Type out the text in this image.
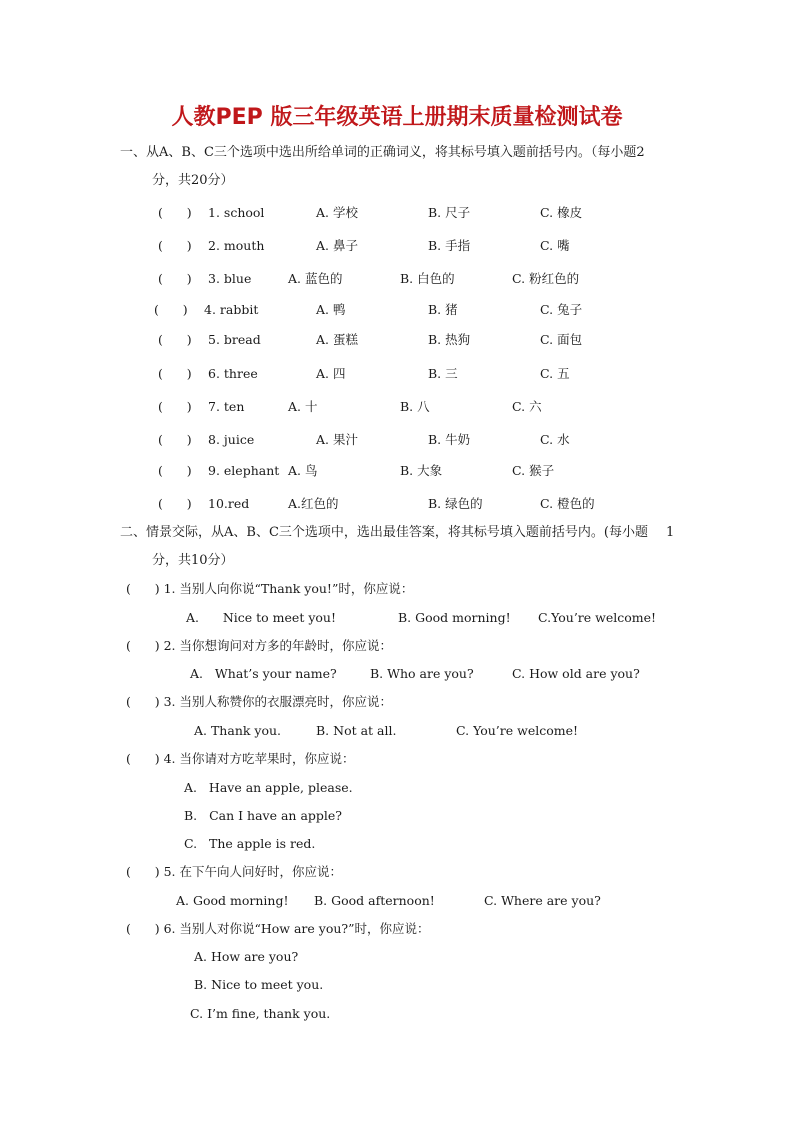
人教PEP 版三年级英语上册期末质量检测试卷
一、从A、B、C三个选项中选出所给单词的正确词义，将其标号填入题前括号内。（每小题2
分，共20分）
(      ) 1. school	A. 学校	B. 尺子	C. 橡皮
(      ) 2. mouth	A. 鼻子	B. 手指	C. 嘴
(      ) 3. blue	A. 蓝色的	B. 白色的	C. 粉红色的
(      ) 4. rabbit	A. 鸭	B. 猪	C. 兔子
(      ) 5. bread	A. 蛋糕	B. 热狗	C. 面包
(      ) 6. three	A. 四	B. 三	C. 五
(      ) 7. ten	A. 十	B. 八	C. 六
(      ) 8. juice	A. 果汁	B. 牛奶	C. 水
(      ) 9. elephant A. 鸟	B. 大象	C. 猴子
(      ) 10.red	A.红色的	B. 绿色的	C. 橙色的
二、情景交际，从A、B、C三个选项中，选出最佳答案，将其标号填入题前括号内。(每小题 1
分，共10分）
(      ) 1. 当别人向你说“Thank you!”时，你应说：
A.      Nice to meet you!	B. Good morning! C.You’re welcome!
(      ) 2. 当你想询问对方多的年龄时，你应说：
A.   What’s your name?	B. Who are you?	C. How old are you?
(      ) 3. 当别人称赞你的衣服漂亮时，你应说：
A. Thank you.	B. Not at all.	C. You’re welcome!
(      ) 4. 当你请对方吃苹果时，你应说：
A.   Have an apple, please.
B.   Can I have an apple?
C.   The apple is red.
(      ) 5. 在下午向人问好时，你应说：
A. Good morning! B. Good afternoon!	C. Where are you?
(      ) 6. 当别人对你说“How are you?”时，你应说：
A. How are you?
B. Nice to meet you.
C. I’m fine, thank you.
